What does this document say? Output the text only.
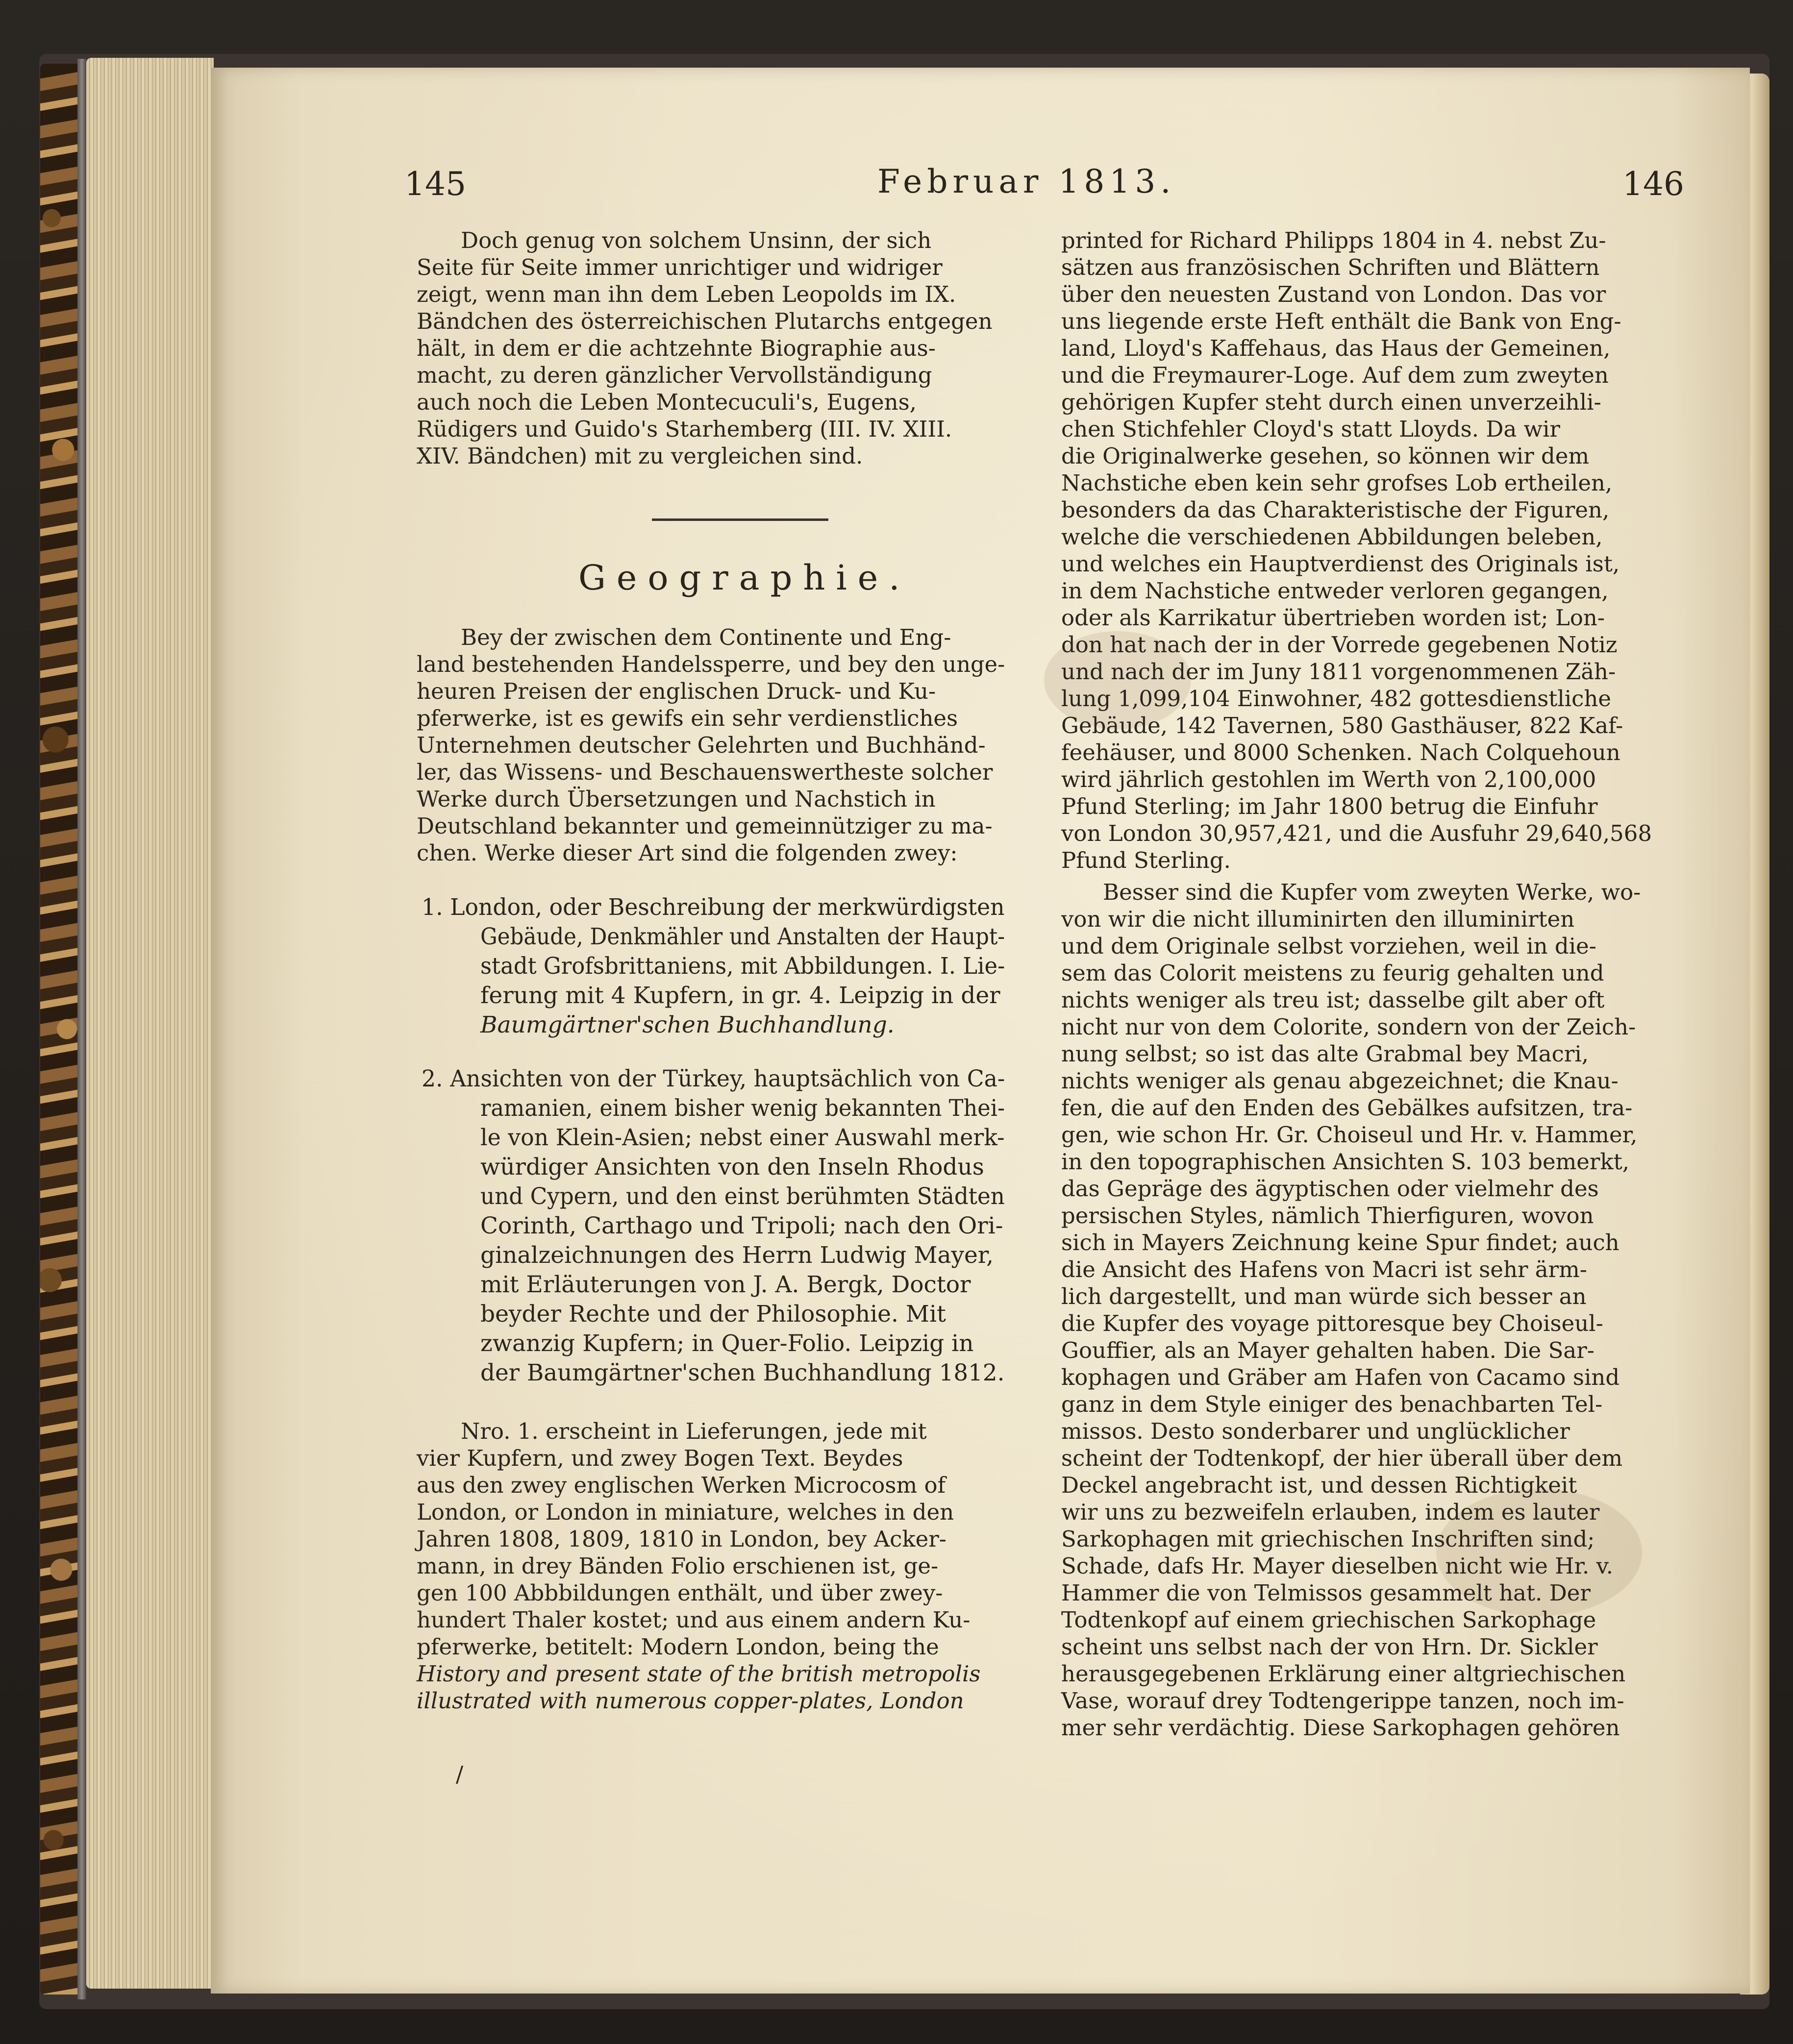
145	Februar 1813.	146
Doch genug von solchem Unsinn, der sich
Seite für Seite immer unrichtiger und widriger
zeigt, wenn man ihn dem Leben Leopolds im IX.
Bändchen des österreichischen Plutarchs entgegen
hält, in dem er die achtzehnte Biographie aus-
macht, zu deren gänzlicher Vervollständigung
auch noch die Leben Montecuculi's, Eugens,
Rüdigers und Guido's Starhemberg (III. IV. XIII.
XIV. Bändchen) mit zu vergleichen sind.
Geographie.
Bey der zwischen dem Continente und Eng-
land bestehenden Handelssperre, und bey den unge-
heuren Preisen der englischen Druck- und Ku-
pferwerke, ist es gewifs ein sehr verdienstliches
Unternehmen deutscher Gelehrten und Buchhänd-
ler, das Wissens- und Beschauenswertheste solcher
Werke durch Übersetzungen und Nachstich in
Deutschland bekannter und gemeinnütziger zu ma-
chen. Werke dieser Art sind die folgenden zwey:
1. London, oder Beschreibung der merkwürdigsten
Gebäude, Denkmähler und Anstalten der Haupt-
stadt Grofsbrittaniens, mit Abbildungen. I. Lie-
ferung mit 4 Kupfern, in gr. 4. Leipzig in der
Baumgärtner'schen Buchhandlung.
2. Ansichten von der Türkey, hauptsächlich von Ca-
ramanien, einem bisher wenig bekannten Thei-
le von Klein-Asien; nebst einer Auswahl merk-
würdiger Ansichten von den Inseln Rhodus
und Cypern, und den einst berühmten Städten
Corinth, Carthago und Tripoli; nach den Ori-
ginalzeichnungen des Herrn Ludwig Mayer,
mit Erläuterungen von J. A. Bergk, Doctor
beyder Rechte und der Philosophie. Mit
zwanzig Kupfern; in Quer-Folio. Leipzig in
der Baumgärtner'schen Buchhandlung 1812.
Nro. 1. erscheint in Lieferungen, jede mit
vier Kupfern, und zwey Bogen Text. Beydes
aus den zwey englischen Werken Microcosm of
London, or London in miniature, welches in den
Jahren 1808, 1809, 1810 in London, bey Acker-
mann, in drey Bänden Folio erschienen ist, ge-
gen 100 Abbbildungen enthält, und über zwey-
hundert Thaler kostet; und aus einem andern Ku-
pferwerke, betitelt: Modern London, being the
History and present state of the british metropolis
illustrated with numerous copper-plates, London
/
printed for Richard Philipps 1804 in 4. nebst Zu-
sätzen aus französischen Schriften und Blättern
über den neuesten Zustand von London. Das vor
uns liegende erste Heft enthält die Bank von Eng-
land, Lloyd's Kaffehaus, das Haus der Gemeinen,
und die Freymaurer-Loge. Auf dem zum zweyten
gehörigen Kupfer steht durch einen unverzeihli-
chen Stichfehler Cloyd's statt Lloyds. Da wir
die Originalwerke gesehen, so können wir dem
Nachstiche eben kein sehr grofses Lob ertheilen,
besonders da das Charakteristische der Figuren,
welche die verschiedenen Abbildungen beleben,
und welches ein Hauptverdienst des Originals ist,
in dem Nachstiche entweder verloren gegangen,
oder als Karrikatur übertrieben worden ist; Lon-
don hat nach der in der Vorrede gegebenen Notiz
und nach der im Juny 1811 vorgenommenen Zäh-
lung 1,099,104 Einwohner, 482 gottesdienstliche
Gebäude, 142 Tavernen, 580 Gasthäuser, 822 Kaf-
feehäuser, und 8000 Schenken. Nach Colquehoun
wird jährlich gestohlen im Werth von 2,100,000
Pfund Sterling; im Jahr 1800 betrug die Einfuhr
von London 30,957,421, und die Ausfuhr 29,640,568
Pfund Sterling.
Besser sind die Kupfer vom zweyten Werke, wo-
von wir die nicht illuminirten den illuminirten
und dem Originale selbst vorziehen, weil in die-
sem das Colorit meistens zu feurig gehalten und
nichts weniger als treu ist; dasselbe gilt aber oft
nicht nur von dem Colorite, sondern von der Zeich-
nung selbst; so ist das alte Grabmal bey Macri,
nichts weniger als genau abgezeichnet; die Knau-
fen, die auf den Enden des Gebälkes aufsitzen, tra-
gen, wie schon Hr. Gr. Choiseul und Hr. v. Hammer,
in den topographischen Ansichten S. 103 bemerkt,
das Gepräge des ägyptischen oder vielmehr des
persischen Styles, nämlich Thierfiguren, wovon
sich in Mayers Zeichnung keine Spur findet; auch
die Ansicht des Hafens von Macri ist sehr ärm-
lich dargestellt, und man würde sich besser an
die Kupfer des voyage pittoresque bey Choiseul-
Gouffier, als an Mayer gehalten haben. Die Sar-
kophagen und Gräber am Hafen von Cacamo sind
ganz in dem Style einiger des benachbarten Tel-
missos. Desto sonderbarer und unglücklicher
scheint der Todtenkopf, der hier überall über dem
Deckel angebracht ist, und dessen Richtigkeit
wir uns zu bezweifeln erlauben, indem es lauter
Sarkophagen mit griechischen Inschriften sind;
Schade, dafs Hr. Mayer dieselben nicht wie Hr. v.
Hammer die von Telmissos gesammelt hat. Der
Todtenkopf auf einem griechischen Sarkophage
scheint uns selbst nach der von Hrn. Dr. Sickler
herausgegebenen Erklärung einer altgriechischen
Vase, worauf drey Todtengerippe tanzen, noch im-
mer sehr verdächtig. Diese Sarkophagen gehören
